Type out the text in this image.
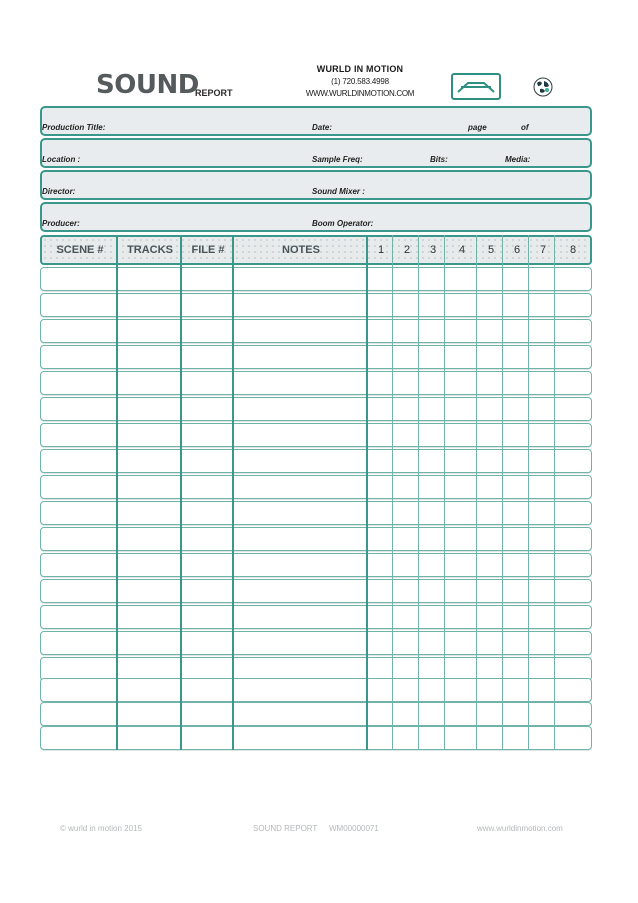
SOUND
REPORT
WURLD IN MOTION
(1) 720.583.4998
WWW.WURLDINMOTION.COM
Production Title:	Date:	page	of
Location :	Sample Freq:	Bits:	Media:
Director:	Sound Mixer :
Producer:	Boom Operator:
SCENE #	TRACKS	FILE #	NOTES	1	2	3	4	5	6	7	8
© wurld in motion 2015	SOUND REPORT WM00000071	www.wurldinmotion.com
